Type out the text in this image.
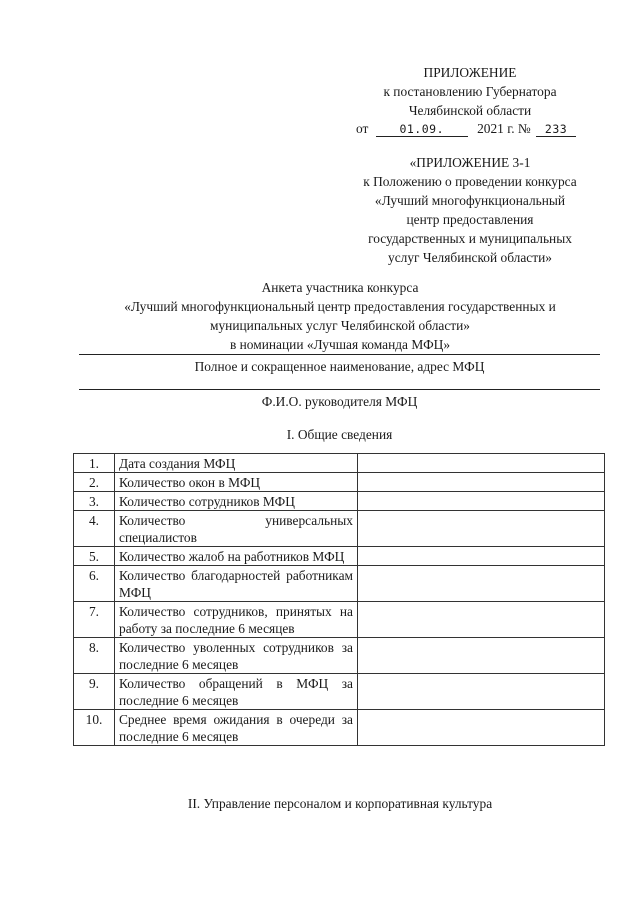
ПРИЛОЖЕНИЕ
к постановлению Губернатора
Челябинской области
от	01.09. 2021 г. № 233
«ПРИЛОЖЕНИЕ 3-1
к Положению о проведении конкурса
«Лучший многофункциональный
центр предоставления
государственных и муниципальных
услуг Челябинской области»
Анкета участника конкурса
«Лучший многофункциональный центр предоставления государственных и
муниципальных услуг Челябинской области»
в номинации «Лучшая команда МФЦ»
Полное и сокращенное наименование, адрес МФЦ
Ф.И.О. руководителя МФЦ
I. Общие сведения
1.	Дата создания МФЦ	
2.	Количество окон в МФЦ	
3.	Количество сотрудников МФЦ	
4.	Количество универсальных специалистов	
5.	Количество жалоб на работников МФЦ	
6.	Количество благодарностей работникам МФЦ	
7.	Количество сотрудников, принятых на работу за последние 6 месяцев	
8.	Количество уволенных сотрудников за последние 6 месяцев	
9.	Количество обращений в МФЦ за последние 6 месяцев	
10.	Среднее время ожидания в очереди за последние 6 месяцев	
II. Управление персоналом и корпоративная культура
